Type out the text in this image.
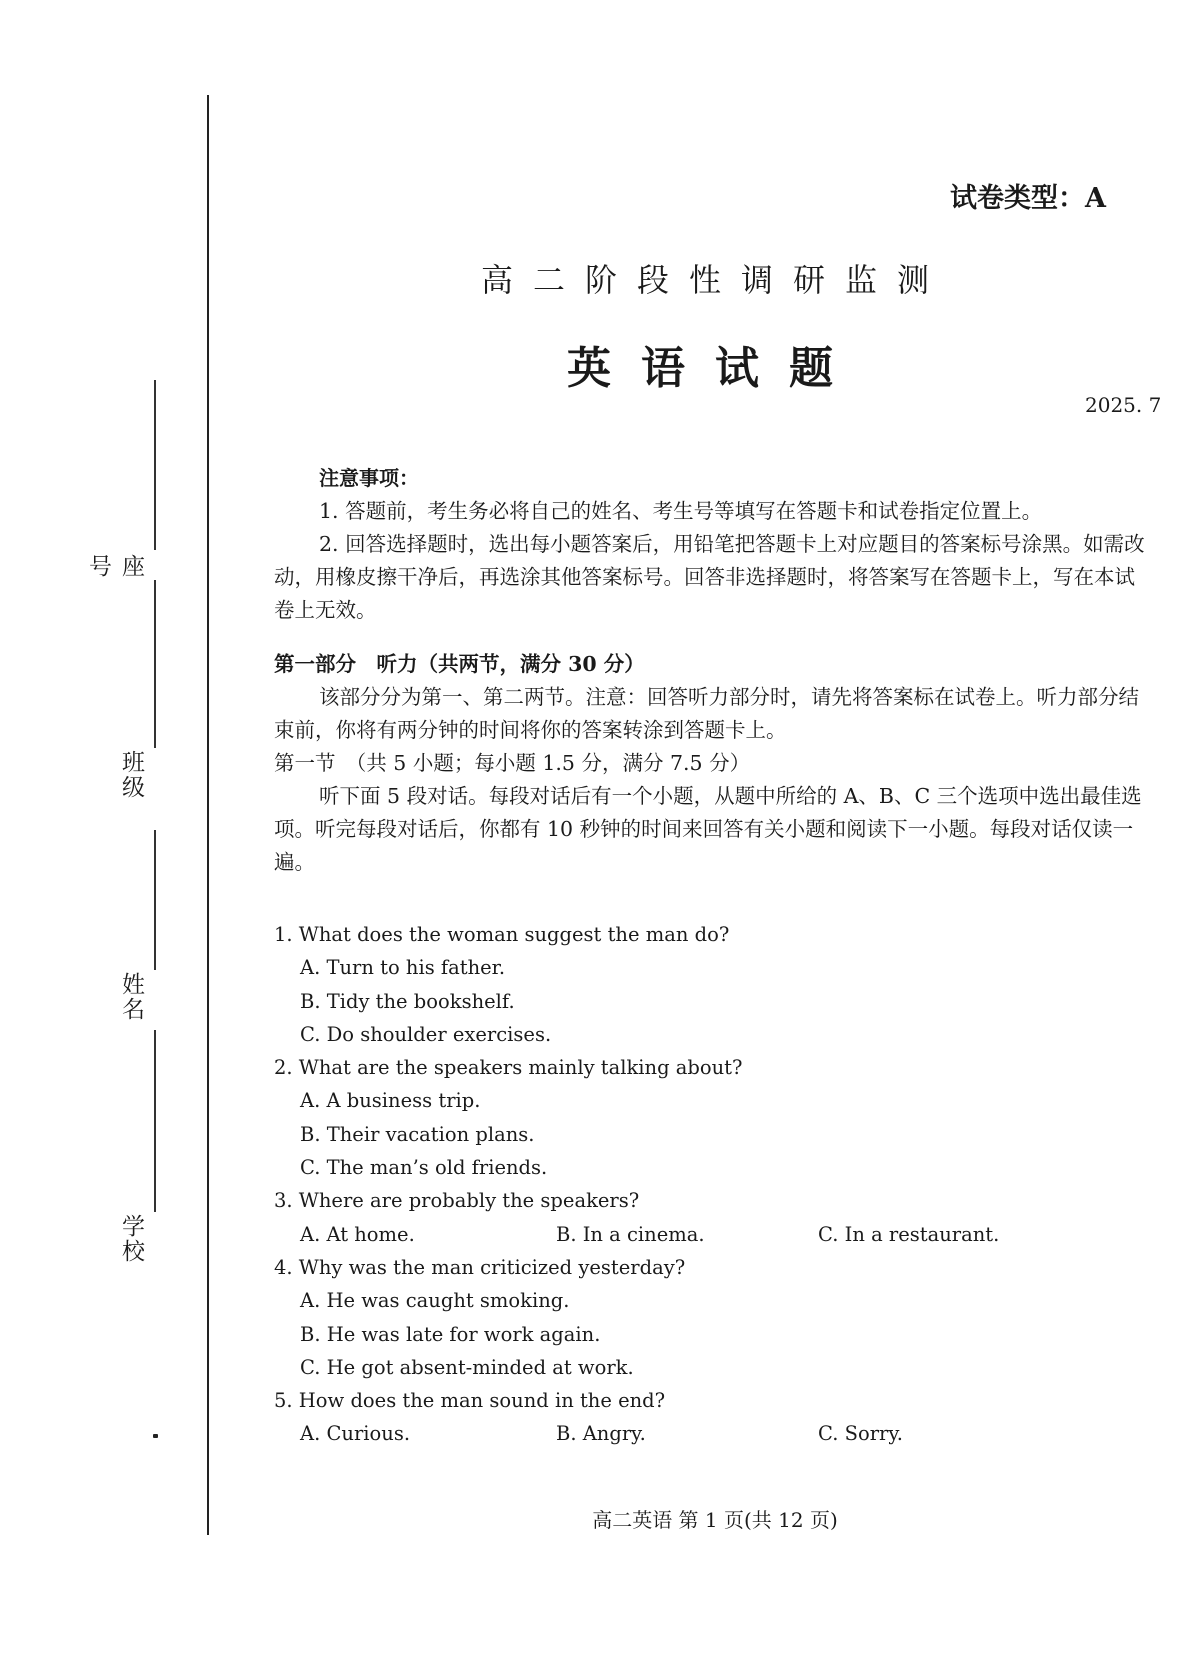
座号
班级
姓名
学校
试卷类型：A
高二阶段性调研监测
英语试题
2025. 7

注意事项：

1. 答题前，考生务必将自己的姓名、考生号等填写在答题卡和试卷指定位置上。

2. 回答选择题时，选出每小题答案后，用铅笔把答题卡上对应题目的答案标号涂黑。如需改动，用橡皮擦干净后，再选涂其他答案标号。回答非选择题时，将答案写在答题卡上，写在本试卷上无效。

第一部分　听力（共两节，满分 30 分）

该部分分为第一、第二两节。注意：回答听力部分时，请先将答案标在试卷上。听力部分结束前，你将有两分钟的时间将你的答案转涂到答题卡上。

第一节　（共 5 小题；每小题 1.5 分，满分 7.5 分）

听下面 5 段对话。每段对话后有一个小题，从题中所给的 A、B、C 三个选项中选出最佳选项。听完每段对话后，你都有 10 秒钟的时间来回答有关小题和阅读下一小题。每段对话仅读一遍。

1. What does the woman suggest the man do?

A. Turn to his father.
B. Tidy the bookshelf.
C. Do shoulder exercises.

2. What are the speakers mainly talking about?

A. A business trip.
B. Their vacation plans.
C. The man’s old friends.

3. Where are probably the speakers?

A. At home.	B. In a cinema.	C. In a restaurant.

4. Why was the man criticized yesterday?

A. He was caught smoking.
B. He was late for work again.
C. He got absent-minded at work.

5. How does the man sound in the end?

A. Curious.	B. Angry.	C. Sorry.
高二英语 第 1 页(共 12 页)
